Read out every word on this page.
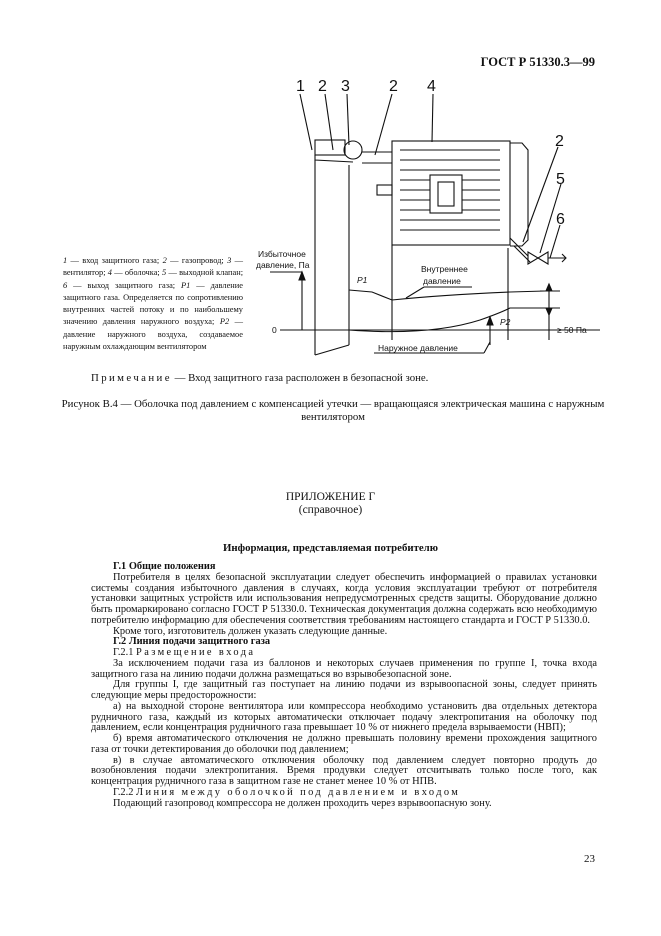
ГОСТ Р 51330.3—99
1 2 3 2 4
2
5
6
Избыточное
давление, Па	Внутреннее
давление
Наружное давление
P1
P2
0	≥ 50 Па
1 — вход защитного газа; 2 — газопровод; 3 — вентилятор; 4 — оболочка; 5 — выходной клапан; 6 — выход защитного газа; P1 — давление защитного газа. Определяется по сопротивлению внутренних частей потоку и по наибольшему значению давления наружного воздуха; P2 — давление наружного воздуха, создаваемое наружным охлаждающим вентилятором
Примечание — Вход защитного газа расположен в безопасной зоне.
Рисунок В.4 — Оболочка под давлением с компенсацией утечки — вращающаяся электрическая машина с наружным вентилятором
ПРИЛОЖЕНИЕ Г
(справочное)
Информация, представляемая потребителю

Г.1 Общие положения

Потребителя в целях безопасной эксплуатации следует обеспечить информацией о правилах установки системы создания избыточного давления в случаях, когда условия эксплуатации требуют от потребителя установки защитных устройств или использования непредусмотренных средств защиты. Оборудование должно быть промаркировано согласно ГОСТ Р 51330.0. Техническая документация должна содержать всю необходимую потребителю информацию для обеспечения соответствия требованиям настоящего стандарта и ГОСТ Р 51330.0.

Кроме того, изготовитель должен указать следующие данные.

Г.2 Линия подачи защитного газа

Г.2.1 Размещение входа

За исключением подачи газа из баллонов и некоторых случаев применения по группе I, точка входа защитного газа на линию подачи должна размещаться во взрывобезопасной зоне.

Для группы I, где защитный газ поступает на линию подачи из взрывоопасной зоны, следует принять следующие меры предосторожности:

а) на выходной стороне вентилятора или компрессора необходимо установить два отдельных детектора рудничного газа, каждый из которых автоматически отключает подачу электропитания на оболочку под давлением, если концентрация рудничного газа превышает 10 % от нижнего предела взрываемости (НВП);

б) время автоматического отключения не должно превышать половину времени прохождения защитного газа от точки детектирования до оболочки под давлением;

в) в случае автоматического отключения оболочку под давлением следует повторно продуть до возобновления подачи электропитания. Время продувки следует отсчитывать только после того, как концентрация рудничного газа в защитном газе не станет менее 10 % от НПВ.

Г.2.2 Линия между оболочкой под давлением и входом

Подающий газопровод компрессора не должен проходить через взрывоопасную зону.

23
